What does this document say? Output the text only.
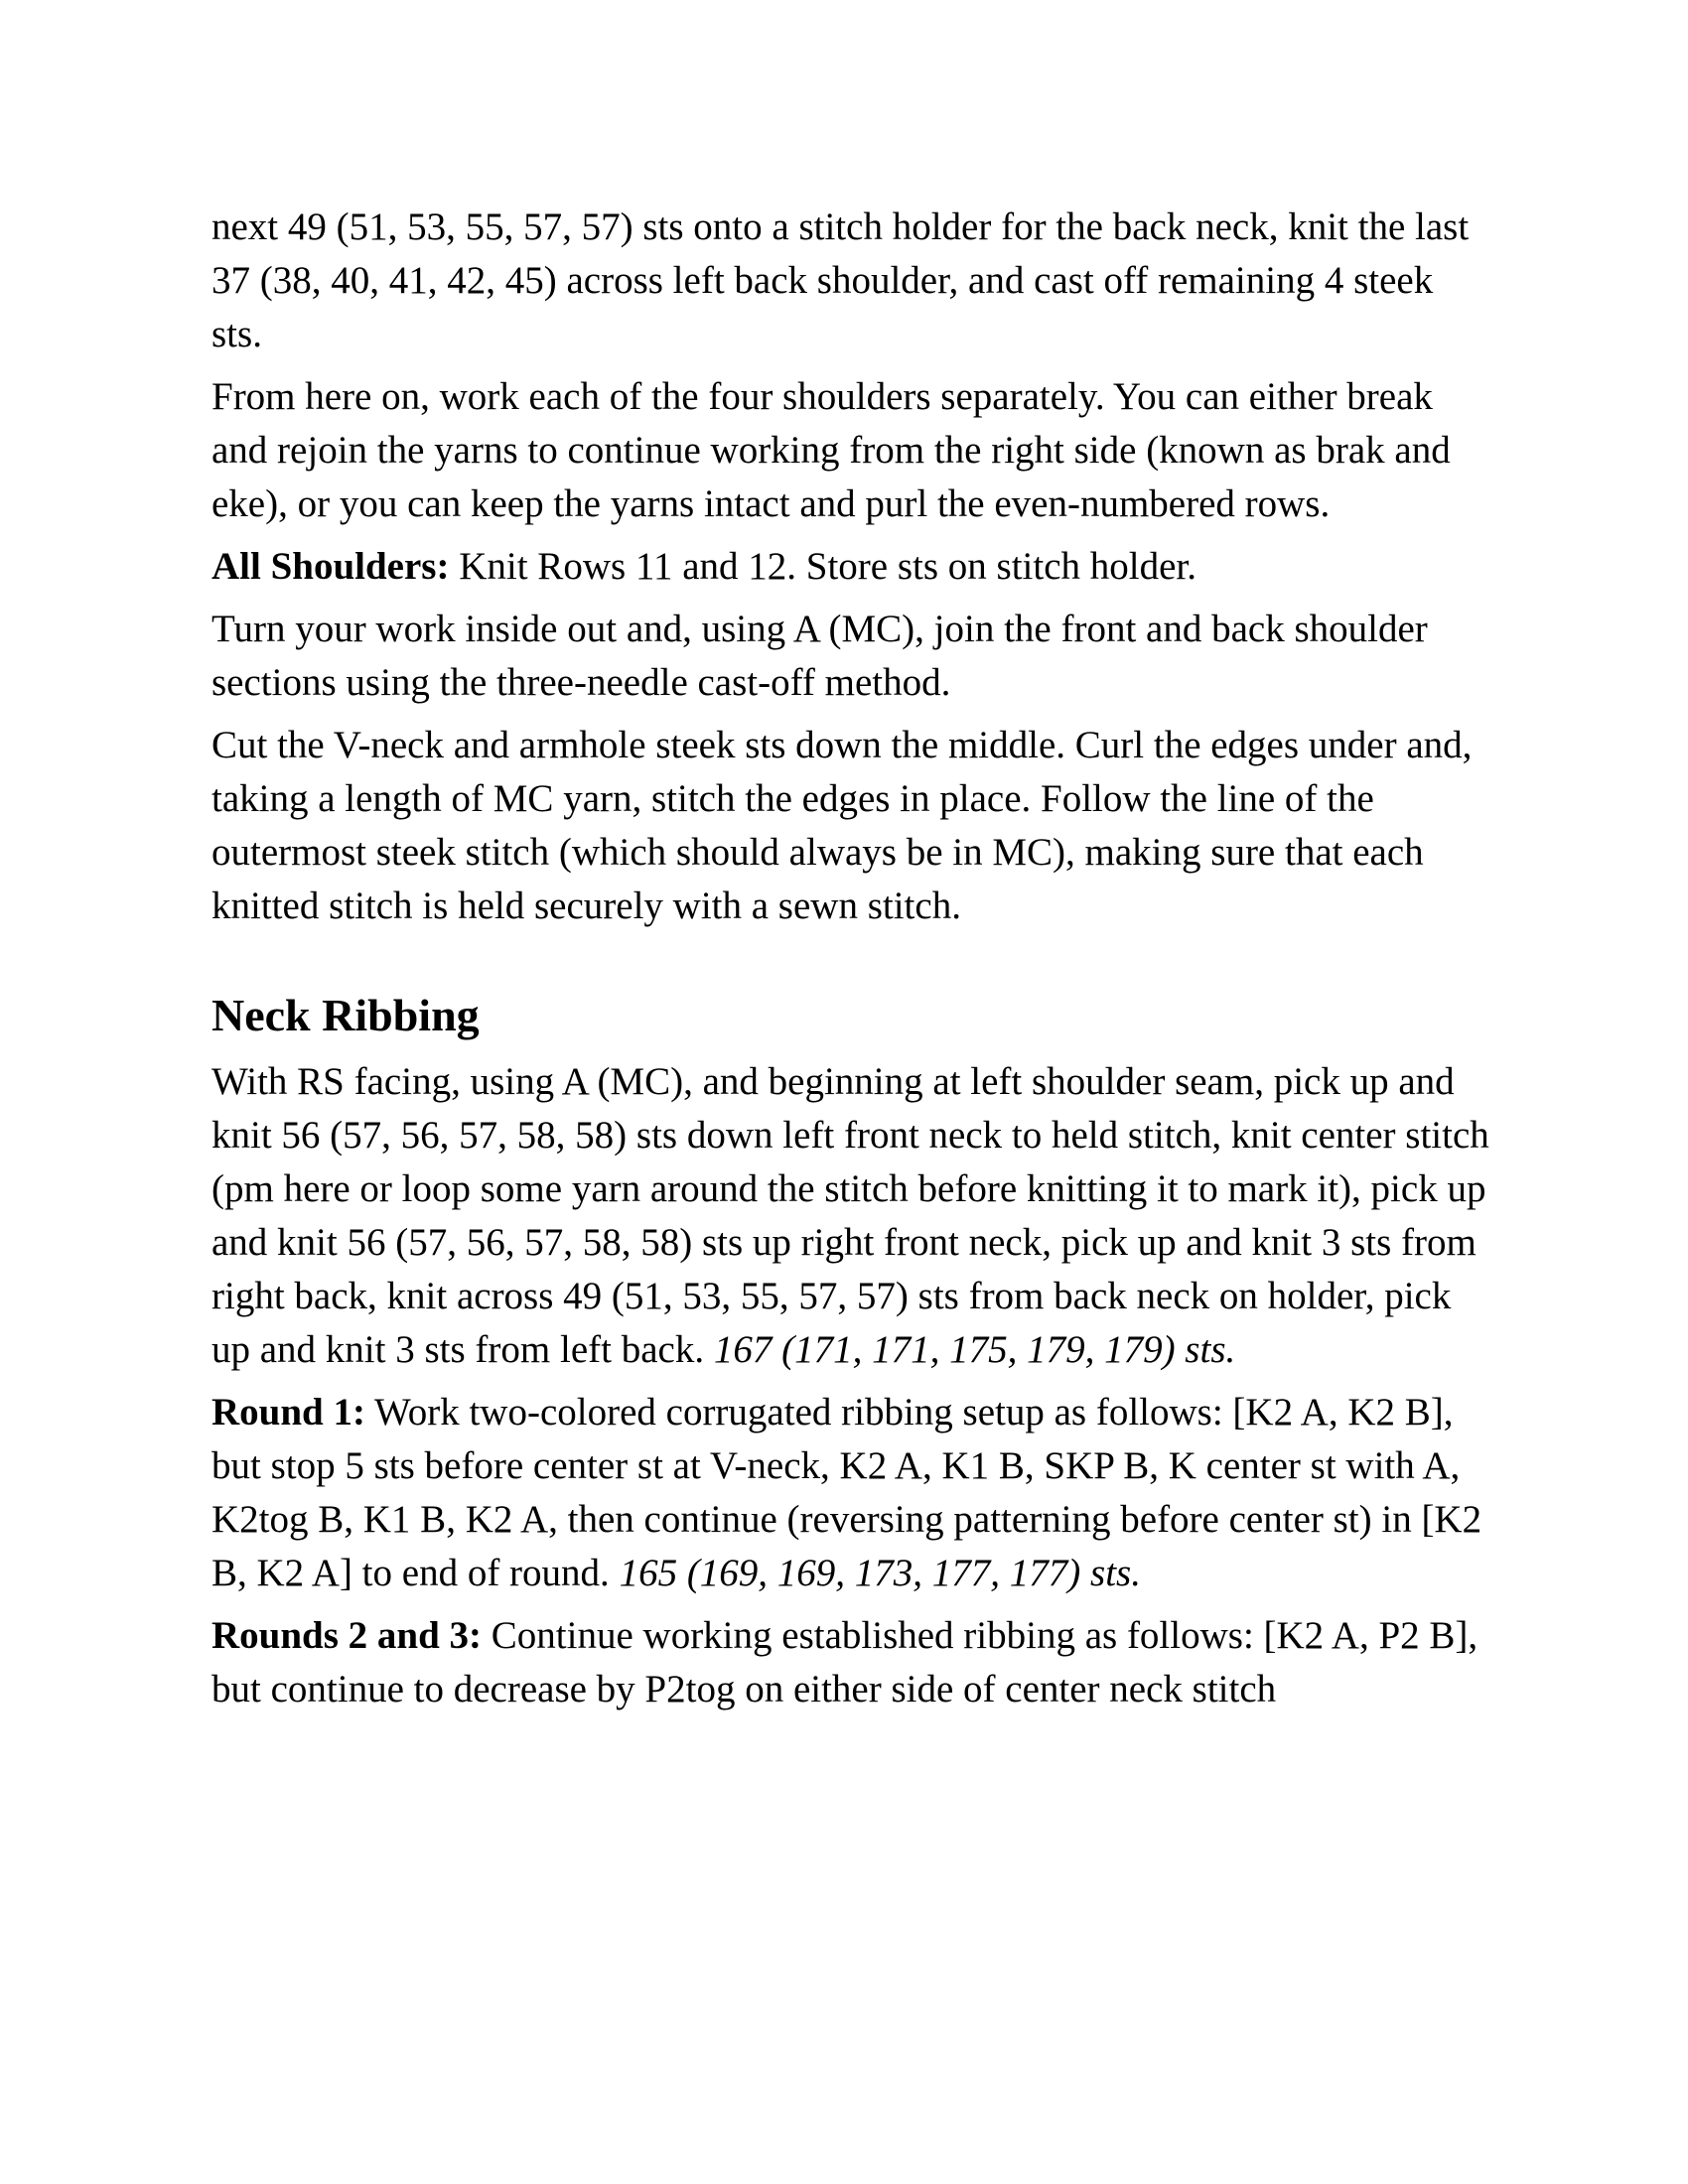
next 49 (51, 53, 55, 57, 57) sts onto a stitch holder for the back neck, knit the last 37 (38, 40, 41, 42, 45) across left back shoulder, and cast off remaining 4 steek sts.

From here on, work each of the four shoulders separately. You can either break and rejoin the yarns to continue working from the right side (known as brak and eke), or you can keep the yarns intact and purl the even-numbered rows.

All Shoulders: Knit Rows 11 and 12. Store sts on stitch holder.

Turn your work inside out and, using A (MC), join the front and back shoulder sections using the three-needle cast-off method.

Cut the V-neck and armhole steek sts down the middle. Curl the edges under and, taking a length of MC yarn, stitch the edges in place. Follow the line of the outermost steek stitch (which should always be in MC), making sure that each knitted stitch is held securely with a sewn stitch.

Neck Ribbing

With RS facing, using A (MC), and beginning at left shoulder seam, pick up and knit 56 (57, 56, 57, 58, 58) sts down left front neck to held stitch, knit center stitch (pm here or loop some yarn around the stitch before knitting it to mark it), pick up and knit 56 (57, 56, 57, 58, 58) sts up right front neck, pick up and knit 3 sts from right back, knit across 49 (51, 53, 55, 57, 57) sts from back neck on holder, pick up and knit 3 sts from left back. 167 (171, 171, 175, 179, 179) sts.

Round 1: Work two-colored corrugated ribbing setup as follows: [K2 A, K2 B], but stop 5 sts before center st at V-neck, K2 A, K1 B, SKP B, K center st with A, K2tog B, K1 B, K2 A, then continue (reversing patterning before center st) in [K2 B, K2 A] to end of round. 165 (169, 169, 173, 177, 177) sts.

Rounds 2 and 3: Continue working established ribbing as follows: [K2 A, P2 B], but continue to decrease by P2tog on either side of center neck stitch
